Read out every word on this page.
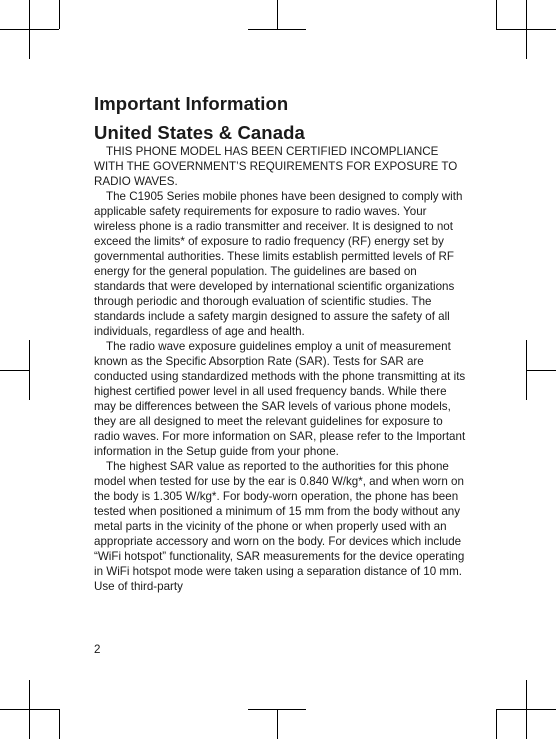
Important Information
United States & Canada

THIS PHONE MODEL HAS BEEN CERTIFIED INCOMPLIANCE WITH THE GOVERNMENT’S REQUIREMENTS FOR EXPOSURE TO RADIO WAVES.

The C1905 Series mobile phones have been designed to comply with applicable safety requirements for exposure to radio waves. Your wireless phone is a radio transmitter and receiver. It is designed to not exceed the limits* of exposure to radio frequency (RF) energy set by governmental authorities. These limits establish permitted levels of RF energy for the general population. The guidelines are based on standards that were developed by international scientific organizations through periodic and thorough evaluation of scientific studies. The standards include a safety margin designed to assure the safety of all individuals, regardless of age and health.

The radio wave exposure guidelines employ a unit of measurement known as the Specific Absorption Rate (SAR). Tests for SAR are conducted using standardized methods with the phone transmitting at its highest certified power level in all used frequency bands. While there may be differences between the SAR levels of various phone models, they are all designed to meet the relevant guidelines for exposure to radio waves. For more information on SAR, please refer to the Important information in the Setup guide from your phone.

The highest SAR value as reported to the authorities for this phone model when tested for use by the ear is 0.840 W/kg*, and when worn on the body is 1.305 W/kg*. For body-worn operation, the phone has been tested when positioned a minimum of 15 mm from the body without any metal parts in the vicinity of the phone or when properly used with an appropriate accessory and worn on the body. For devices which include “WiFi hotspot” functionality, SAR measurements for the device operating in WiFi hotspot mode were taken using a separation distance of 10 mm. Use of third-party

2
